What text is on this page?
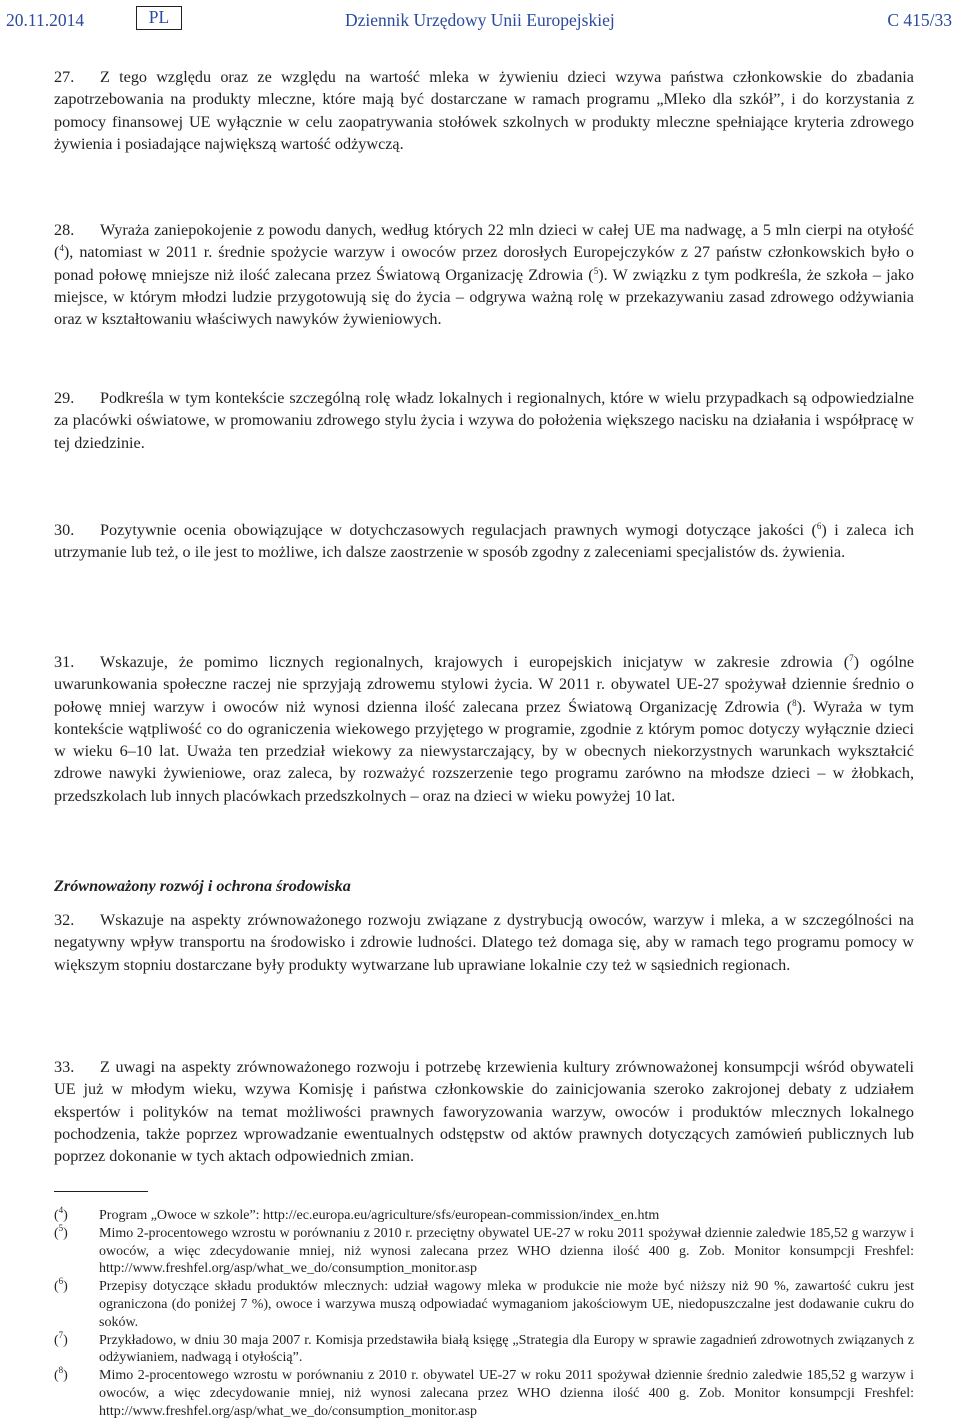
20.11.2014	PL	Dziennik Urzędowy Unii Europejskiej	C 415/33

27. Z tego względu oraz ze względu na wartość mleka w żywieniu dzieci wzywa państwa członkowskie do zbadania zapotrzebowania na produkty mleczne, które mają być dostarczane w ramach programu „Mleko dla szkół”, i do korzystania z pomocy finansowej UE wyłącznie w celu zaopatrywania stołówek szkolnych w produkty mleczne spełniające kryteria zdrowego żywienia i posiadające największą wartość odżywczą.

28. Wyraża zaniepokojenie z powodu danych, według których 22 mln dzieci w całej UE ma nadwagę, a 5 mln cierpi na otyłość ($^4$), natomiast w 2011 r. średnie spożycie warzyw i owoców przez dorosłych Europejczyków z 27 państw członkowskich było o ponad połowę mniejsze niż ilość zalecana przez Światową Organizację Zdrowia ($^5$). W związku z tym podkreśla, że szkoła – jako miejsce, w którym młodzi ludzie przygotowują się do życia – odgrywa ważną rolę w przekazywaniu zasad zdrowego odżywiania oraz w kształtowaniu właściwych nawyków żywieniowych.

29. Podkreśla w tym kontekście szczególną rolę władz lokalnych i regionalnych, które w wielu przypadkach są odpowiedzialne za placówki oświatowe, w promowaniu zdrowego stylu życia i wzywa do położenia większego nacisku na działania i współpracę w tej dziedzinie.

30. Pozytywnie ocenia obowiązujące w dotychczasowych regulacjach prawnych wymogi dotyczące jakości ($^6$) i zaleca ich utrzymanie lub też, o ile jest to możliwe, ich dalsze zaostrzenie w sposób zgodny z zaleceniami specjalistów ds. żywienia.

31. Wskazuje, że pomimo licznych regionalnych, krajowych i europejskich inicjatyw w zakresie zdrowia ($^7$) ogólne uwarunkowania społeczne raczej nie sprzyjają zdrowemu stylowi życia. W 2011 r. obywatel UE-27 spożywał dziennie średnio o połowę mniej warzyw i owoców niż wynosi dzienna ilość zalecana przez Światową Organizację Zdrowia ($^8$). Wyraża w tym kontekście wątpliwość co do ograniczenia wiekowego przyjętego w programie, zgodnie z którym pomoc dotyczy wyłącznie dzieci w wieku 6–10 lat. Uważa ten przedział wiekowy za niewystarczający, by w obecnych niekorzystnych warunkach wykształcić zdrowe nawyki żywieniowe, oraz zaleca, by rozważyć rozszerzenie tego programu zarówno na młodsze dzieci – w żłobkach, przedszkolach lub innych placówkach przedszkolnych – oraz na dzieci w wieku powyżej 10 lat.

Zrównoważony rozwój i ochrona środowiska

32. Wskazuje na aspekty zrównoważonego rozwoju związane z dystrybucją owoców, warzyw i mleka, a w szczególności na negatywny wpływ transportu na środowisko i zdrowie ludności. Dlatego też domaga się, aby w ramach tego programu pomocy w większym stopniu dostarczane były produkty wytwarzane lub uprawiane lokalnie czy też w sąsiednich regionach.

33. Z uwagi na aspekty zrównoważonego rozwoju i potrzebę krzewienia kultury zrównoważonej konsumpcji wśród obywateli UE już w młodym wieku, wzywa Komisję i państwa członkowskie do zainicjowania szeroko zakrojonej debaty z udziałem ekspertów i polityków na temat możliwości prawnych faworyzowania warzyw, owoców i produktów mlecznych lokalnego pochodzenia, także poprzez wprowadzanie ewentualnych odstępstw od aktów prawnych dotyczących zamówień publicznych lub poprzez dokonanie w tych aktach odpowiednich zmian.

($^4$) Program „Owoce w szkole”: http://ec.europa.eu/agriculture/sfs/european-commission/index_en.htm

($^5$) Mimo 2-procentowego wzrostu w porównaniu z 2010 r. przeciętny obywatel UE-27 w roku 2011 spożywał dziennie zaledwie 185,52 g warzyw i owoców, a więc zdecydowanie mniej, niż wynosi zalecana przez WHO dzienna ilość 400 g. Zob. Monitor konsumpcji Freshfel: http://www.freshfel.org/asp/what_we_do/consumption_monitor.asp

($^6$) Przepisy dotyczące składu produktów mlecznych: udział wagowy mleka w produkcie nie może być niższy niż 90 %, zawartość cukru jest ograniczona (do poniżej 7 %), owoce i warzywa muszą odpowiadać wymaganiom jakościowym UE, niedopuszczalne jest dodawanie cukru do soków.

($^7$) Przykładowo, w dniu 30 maja 2007 r. Komisja przedstawiła białą księgę „Strategia dla Europy w sprawie zagadnień zdrowotnych związanych z odżywianiem, nadwagą i otyłością”.

($^8$) Mimo 2-procentowego wzrostu w porównaniu z 2010 r. obywatel UE-27 w roku 2011 spożywał dziennie średnio zaledwie 185,52 g warzyw i owoców, a więc zdecydowanie mniej, niż wynosi zalecana przez WHO dzienna ilość 400 g. Zob. Monitor konsumpcji Freshfel: http://www.freshfel.org/asp/what_we_do/consumption_monitor.asp
